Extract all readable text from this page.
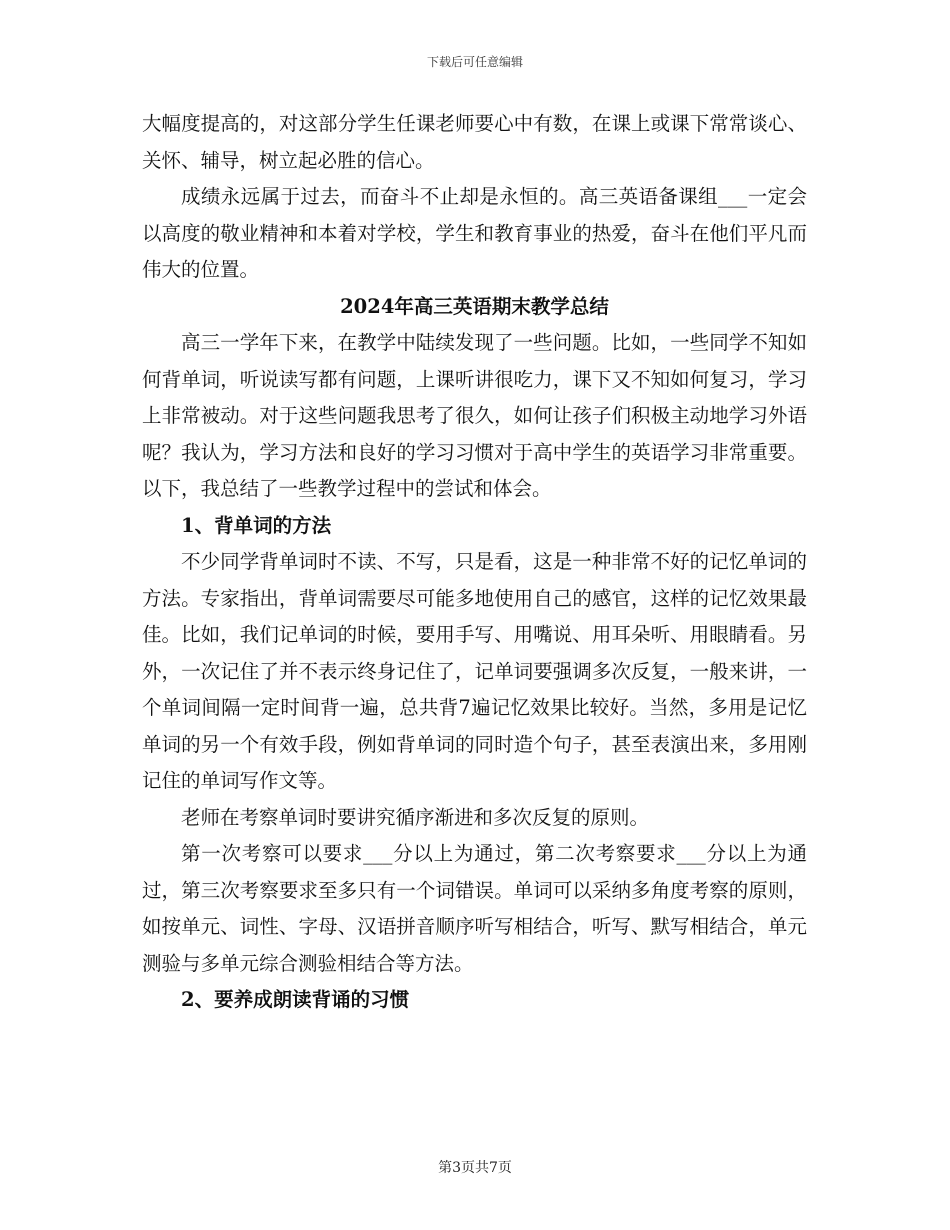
下载后可任意编辑

大幅度提高的，对这部分学生任课老师要心中有数，在课上或课下常常谈心、关怀、辅导，树立起必胜的信心。

成绩永远属于过去，而奋斗不止却是永恒的。高三英语备课组___一定会以高度的敬业精神和本着对学校，学生和教育事业的热爱，奋斗在他们平凡而伟大的位置。

2024年高三英语期末教学总结

高三一学年下来，在教学中陆续发现了一些问题。比如，一些同学不知如何背单词，听说读写都有问题，上课听讲很吃力，课下又不知如何复习，学习上非常被动。对于这些问题我思考了很久，如何让孩子们积极主动地学习外语呢？我认为，学习方法和良好的学习习惯对于高中学生的英语学习非常重要。以下，我总结了一些教学过程中的尝试和体会。

1、背单词的方法

不少同学背单词时不读、不写，只是看，这是一种非常不好的记忆单词的方法。专家指出，背单词需要尽可能多地使用自己的感官，这样的记忆效果最佳。比如，我们记单词的时候，要用手写、用嘴说、用耳朵听、用眼睛看。另外，一次记住了并不表示终身记住了，记单词要强调多次反复，一般来讲，一个单词间隔一定时间背一遍，总共背7遍记忆效果比较好。当然，多用是记忆单词的另一个有效手段，例如背单词的同时造个句子，甚至表演出来，多用刚记住的单词写作文等。

老师在考察单词时要讲究循序渐进和多次反复的原则。

第一次考察可以要求___分以上为通过，第二次考察要求___分以上为通过，第三次考察要求至多只有一个词错误。单词可以采纳多角度考察的原则，如按单元、词性、字母、汉语拼音顺序听写相结合，听写、默写相结合，单元测验与多单元综合测验相结合等方法。

2、要养成朗读背诵的习惯

第3页共7页
